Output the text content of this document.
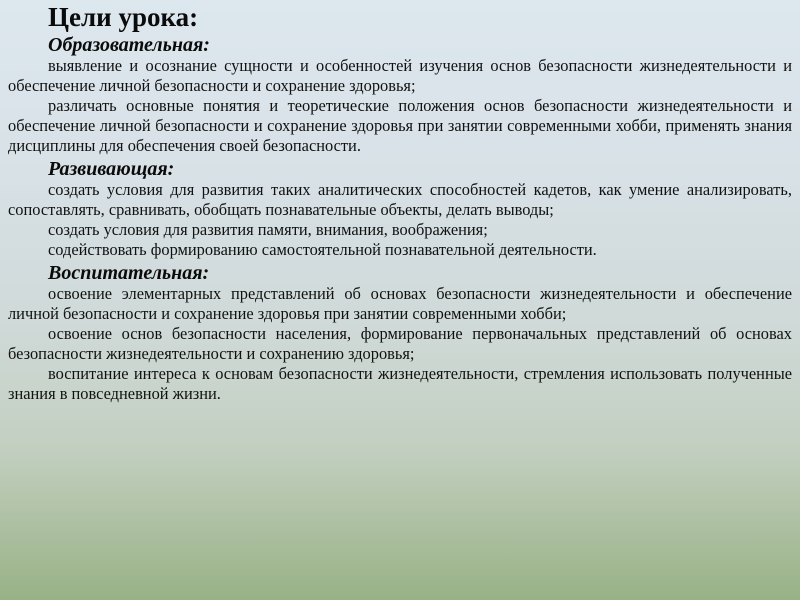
Цели урока:
Образовательная:

выявление и осознание сущности и особенностей изучения основ безопасности жизнедеятельности и обеспечение личной безопасности и сохранение здоровья;

различать основные понятия и теоретические положения основ безопасности жизнедеятельности и обеспечение личной безопасности и сохранение здоровья при занятии современными хобби, применять знания дисциплины для обеспечения своей безопасности.

Развивающая:

создать условия для развития таких аналитических способностей кадетов, как умение анализировать, сопоставлять, сравнивать, обобщать познавательные объекты, делать выводы;

создать условия для развития памяти, внимания, воображения;

содействовать формированию самостоятельной познавательной деятельности.

Воспитательная:

освоение элементарных представлений об основах безопасности жизнедеятельности и обеспечение личной безопасности и сохранение здоровья при занятии современными хобби;

освоение основ безопасности населения, формирование первоначальных представлений об основах безопасности жизнедеятельности и сохранению здоровья;

воспитание интереса к основам безопасности жизнедеятельности, стремления использовать полученные знания в повседневной жизни.
